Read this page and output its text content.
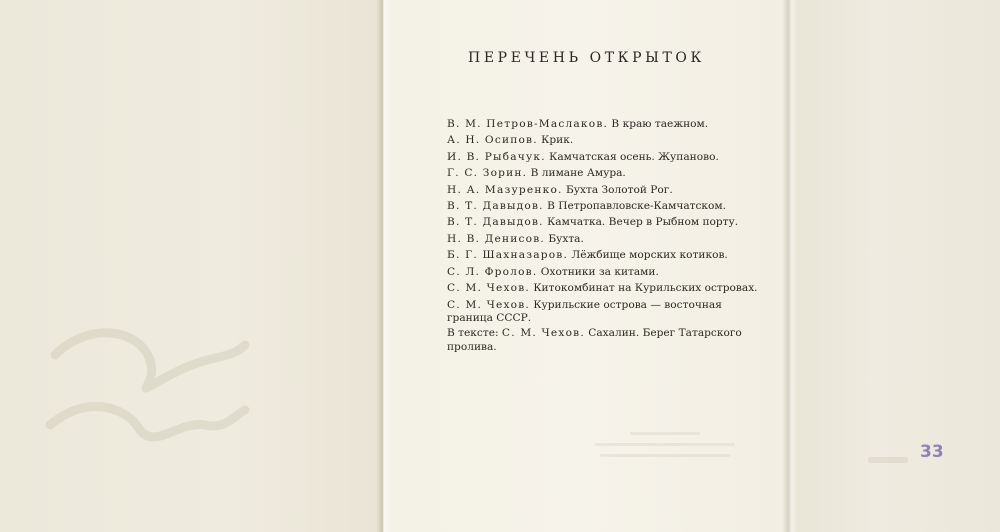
ПЕРЕЧЕНЬ ОТКРЫТОК

В. М. Петров-Маслаков. В краю таежном.

А. Н. Осипов. Крик.

И. В. Рыбачук. Камчатская осень. Жупаново.

Г. С. Зорин. В лимане Амура.

Н. А. Мазуренко. Бухта Золотой Рог.

В. Т. Давыдов. В Петропавловске-Камчатском.

В. Т. Давыдов. Камчатка. Вечер в Рыбном порту.

Н. В. Денисов. Бухта.

Б. Г. Шахназаров. Лёжбище морских котиков.

С. Л. Фролов. Охотники за китами.

С. М. Чехов. Китокомбинат на Курильских островах.

С. М. Чехов. Курильские острова — восточная граница СССР.

В тексте: С. М. Чехов. Сахалин. Берег Татарского пролива.
33
